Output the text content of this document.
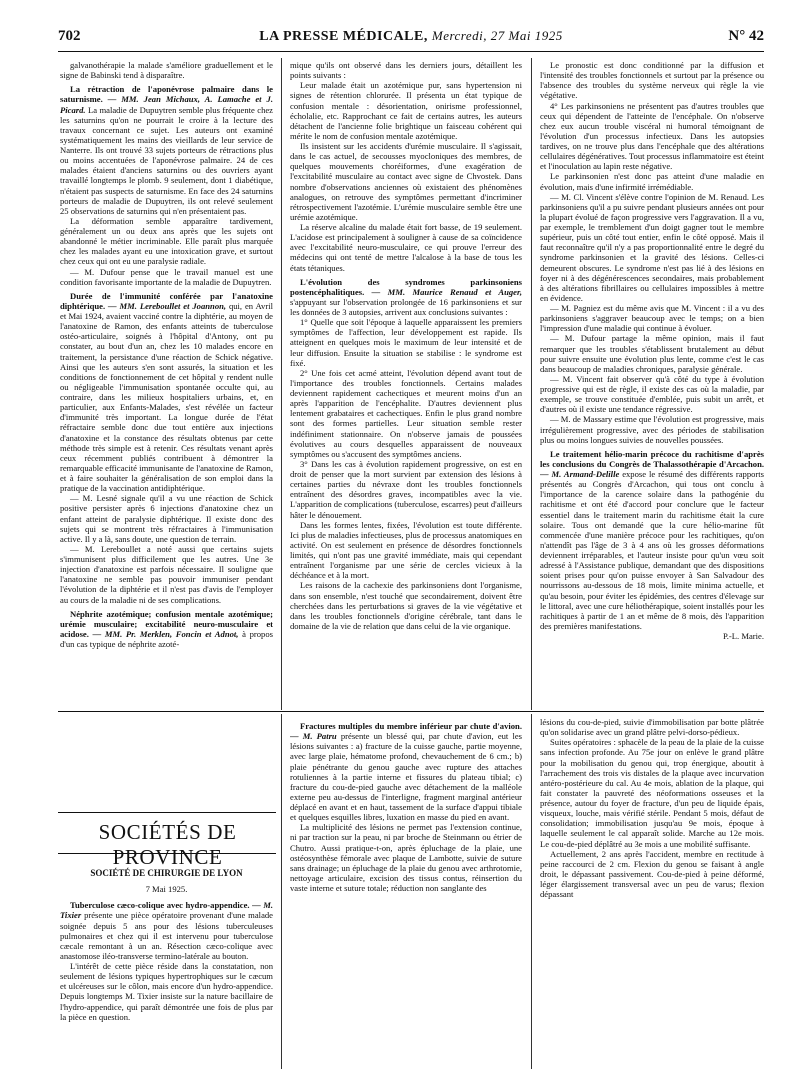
702	LA PRESSE MÉDICALE, Mercredi, 27 Mai 1925	N° 42

galvanothérapie la malade s'améliore graduellement et le signe de Babinski tend à disparaître.

La rétraction de l'aponévrose palmaire dans le saturnisme. — MM. Jean Michaux, A. Lamache et J. Picard. La maladie de Dupuytren semble plus fréquente chez les saturnins qu'on ne pourrait le croire à la lecture des travaux concernant ce sujet. Les auteurs ont examiné systématiquement les mains des vieillards de leur service de Nanterre. Ils ont trouvé 33 sujets porteurs de rétractions plus ou moins accentuées de l'aponévrose palmaire. 24 de ces malades étaient d'anciens saturnins ou des ouvriers ayant travaillé longtemps le plomb. 9 seulement, dont 1 diabétique, n'étaient pas suspects de saturnisme. En face des 24 saturnins porteurs de maladie de Dupuytren, ils ont relevé seulement 25 observations de saturnins qui n'en présentaient pas.

La déformation semble apparaître tardivement, généralement un ou deux ans après que les sujets ont abandonné le métier incriminable. Elle paraît plus marquée chez les malades ayant eu une intoxication grave, et surtout chez ceux qui ont eu une paralysie radiale.

— M. Dufour pense que le travail manuel est une condition favorisante importante de la maladie de Dupuytren.

Durée de l'immunité conférée par l'anatoxine diphtérique. — MM. Lereboullet et Joannon, qui, en Avril et Mai 1924, avaient vacciné contre la diphtérie, au moyen de l'anatoxine de Ramon, des enfants atteints de tuberculose ostéo-articulaire, soignés à l'hôpital d'Antony, ont pu constater, au bout d'un an, chez les 10 malades encore en traitement, la persistance d'une réaction de Schick négative. Ainsi que les auteurs s'en sont assurés, la situation et les conditions de fonctionnement de cet hôpital y rendent nulle ou négligeable l'immunisation spontanée occulte qui, au contraire, dans les milieux hospitaliers urbains, et, en particulier, aux Enfants-Malades, s'est révélée un facteur d'immunité très important. La longue durée de l'état réfractaire semble donc due tout entière aux injections d'anatoxine et la constance des résultats obtenus par cette méthode très simple est à retenir. Ces résultats venant après ceux récemment publiés contribuent à démontrer la remarquable efficacité immunisante de l'anatoxine de Ramon, et à faire souhaiter la généralisation de son emploi dans la pratique de la vaccination antidiphtérique.

— M. Lesné signale qu'il a vu une réaction de Schick positive persister après 6 injections d'anatoxine chez un enfant atteint de paralysie diphtérique. Il existe donc des sujets qui se montrent très réfractaires à l'immunisation active. Il y a là, sans doute, une question de terrain.

— M. Lereboullet a noté aussi que certains sujets s'immunisent plus difficilement que les autres. Une 3e injection d'anatoxine est parfois nécessaire. Il souligne que l'anatoxine ne semble pas pouvoir immuniser pendant l'évolution de la diphtérie et il n'est pas d'avis de l'employer au cours de la maladie ni de ses complications.

Néphrite azotémique; confusion mentale azotémique; urémie musculaire; excitabilité neuro-musculaire et acidose. — MM. Pr. Merklen, Foncin et Adnot, à propos d'un cas typique de néphrite azoté-

mique qu'ils ont observé dans les derniers jours, détaillent les points suivants :

Leur malade était un azotémique pur, sans hypertension ni signes de rétention chlorurée. Il présenta un état typique de confusion mentale : désorientation, onirisme professionnel, écholalie, etc. Rapprochant ce fait de certains autres, les auteurs détachent de l'ancienne folie brightique un faisceau cohérent qui mérite le nom de confusion mentale azotémique.

Ils insistent sur les accidents d'urémie musculaire. Il s'agissait, dans le cas actuel, de secousses myocloniques des membres, de quelques mouvements choréiformes, d'une exagération de l'excitabilité musculaire au contact avec signe de Chvostek. Dans nombre d'observations anciennes où existaient des phénomènes analogues, on retrouve des symptômes permettant d'incriminer rétrospectivement l'azotémie. L'urémie musculaire semble être une urémie azotémique.

La réserve alcaline du malade était fort basse, de 19 seulement. L'acidose est principalement à souligner à cause de sa coïncidence avec l'excitabilité neuro-musculaire, ce qui prouve l'erreur des médecins qui ont tenté de mettre l'alcalose à la base de tous les états tétaniques.

L'évolution des syndromes parkinsoniens postencéphalitiques. — MM. Maurice Renaud et Auger, s'appuyant sur l'observation prolongée de 16 parkinsoniens et sur les données de 3 autopsies, arrivent aux conclusions suivantes :

1° Quelle que soit l'époque à laquelle apparaissent les premiers symptômes de l'affection, leur développement est rapide. Ils atteignent en quelques mois le maximum de leur intensité et de leur diffusion. Ensuite la situation se stabilise : le syndrome est fixé.

2° Une fois cet acmé atteint, l'évolution dépend avant tout de l'importance des troubles fonctionnels. Certains malades deviennent rapidement cachectiques et meurent moins d'un an après l'apparition de l'encéphalite. D'autres deviennent plus lentement grabataires et cachectiques. Enfin le plus grand nombre sont des formes partielles. Leur situation semble rester indéfiniment stationnaire. On n'observe jamais de poussées évolutives au cours desquelles apparaissent de nouveaux symptômes ou s'accusent des symptômes anciens.

3° Dans les cas à évolution rapidement progressive, on est en droit de penser que la mort survient par extension des lésions à certaines parties du névraxe dont les troubles fonctionnels entraînent des désordres graves, incompatibles avec la vie. L'apparition de complications (tuberculose, escarres) peut d'ailleurs hâter le dénouement.

Dans les formes lentes, fixées, l'évolution est toute différente. Ici plus de maladies infectieuses, plus de processus anatomiques en activité. On est seulement en présence de désordres fonctionnels limités, qui n'ont pas une gravité immédiate, mais qui cependant entraînent l'organisme par une série de cercles vicieux à la déchéance et à la mort.

Les raisons de la cachexie des parkinsoniens dont l'organisme, dans son ensemble, n'est touché que secondairement, doivent être cherchées dans les perturbations si graves de la vie végétative et dans les troubles fonctionnels d'origine cérébrale, tant dans le domaine de la vie de relation que dans celui de la vie organique.

Le pronostic est donc conditionné par la diffusion et l'intensité des troubles fonctionnels et surtout par la présence ou l'absence des troubles du système nerveux qui règle la vie végétative.

4° Les parkinsoniens ne présentent pas d'autres troubles que ceux qui dépendent de l'atteinte de l'encéphale. On n'observe chez eux aucun trouble viscéral ni humoral témoignant de l'évolution d'un processus infectieux. Dans les autopsies tardives, on ne trouve plus dans l'encéphale que des altérations cellulaires dégénératives. Tout processus inflammatoire est éteint et l'inoculation au lapin reste négative.

Le parkinsonien n'est donc pas atteint d'une maladie en évolution, mais d'une infirmité irrémédiable.

— M. Cl. Vincent s'élève contre l'opinion de M. Renaud. Les parkinsoniens qu'il a pu suivre pendant plusieurs années ont pour la plupart évolué de façon progressive vers l'aggravation. Il a vu, par exemple, le tremblement d'un doigt gagner tout le membre supérieur, puis un côté tout entier, enfin le côté opposé. Mais il faut reconnaître qu'il n'y a pas proportionnalité entre le degré du syndrome parkinsonien et la gravité des lésions. Celles-ci demeurent obscures. Le syndrome n'est pas lié à des lésions en foyer ni à des dégénérescences secondaires, mais probablement à des altérations fibrillaires ou cellulaires impossibles à mettre en évidence.

— M. Pagniez est du même avis que M. Vincent : il a vu des parkinsoniens s'aggraver beaucoup avec le temps; on a bien l'impression d'une maladie qui continue à évoluer.

— M. Dufour partage la même opinion, mais il faut remarquer que les troubles s'établissent brutalement au début pour suivre ensuite une évolution plus lente, comme c'est le cas dans beaucoup de maladies chroniques, paralysie générale.

— M. Vincent fait observer qu'à côté du type à évolution progressive qui est de règle, il existe des cas où la maladie, par exemple, se trouve constituée d'emblée, puis subit un arrêt, et d'autres où il existe une tendance régressive.

— M. de Massary estime que l'évolution est progressive, mais irrégulièrement progressive, avec des périodes de stabilisation plus ou moins longues suivies de nouvelles poussées.

Le traitement hélio-marin précoce du rachitisme d'après les conclusions du Congrès de Thalassothérapie d'Arcachon. — M. Armand-Delille expose le résumé des différents rapports présentés au Congrès d'Arcachon, qui tous ont conclu à l'importance de la carence solaire dans la pathogénie du rachitisme et ont été d'accord pour conclure que le facteur essentiel dans le traitement marin du rachitisme était la cure solaire. Tous ont demandé que la cure hélio-marine fût commencée d'une manière précoce pour les rachitiques, qu'on n'attendît pas l'âge de 3 à 4 ans où les grosses déformations deviennent irréparables, et l'auteur insiste pour qu'un vœu soit adressé à l'Assistance publique, demandant que des dispositions soient prises pour qu'on puisse envoyer à San Salvadour des nourrissons au-dessous de 18 mois, limite minima actuelle, et qu'au besoin, pour éviter les épidémies, des centres d'élevage sur le littoral, avec une cure héliothérapique, soient installés pour les rachitiques à partir de 1 an et même de 8 mois, dès l'apparition des premières manifestations.

P.-L. Marie.

SOCIÉTÉS DE PROVINCE

SOCIÉTÉ DE CHIRURGIE DE LYON

7 Mai 1925.

Tuberculose cæco-colique avec hydro-appendice. — M. Tixier présente une pièce opératoire provenant d'une malade soignée depuis 5 ans pour des lésions tuberculeuses pulmonaires et chez qui il est intervenu pour tuberculose cæcale remontant à un an. Résection cæco-colique avec anastomose iléo-transverse termino-latérale au bouton.

L'intérêt de cette pièce réside dans la constatation, non seulement de lésions typiques hypertrophiques sur le cæcum et ulcéreuses sur le côlon, mais encore d'un hydro-appendice. Depuis longtemps M. Tixier insiste sur la nature bacillaire de l'hydro-appendice, qui paraît démontrée une fois de plus par la pièce en question.

Fractures multiples du membre inférieur par chute d'avion. — M. Patru présente un blessé qui, par chute d'avion, eut les lésions suivantes : a) fracture de la cuisse gauche, partie moyenne, avec large plaie, hématome profond, chevauchement de 6 cm.; b) plaie pénétrante du genou gauche avec rupture des attaches rotuliennes à la partie interne et fissures du plateau tibial; c) fracture du cou-de-pied gauche avec détachement de la malléole externe peu au-dessus de l'interligne, fragment marginal antérieur déplacé en avant et en haut, tassement de la surface d'appui tibiale et quelques esquilles libres, luxation en masse du pied en avant.

La multiplicité des lésions ne permet pas l'extension continue, ni par traction sur la peau, ni par broche de Steinmann ou étrier de Chutro. Aussi pratique-t-on, après épluchage de la plaie, une ostéosynthèse fémorale avec plaque de Lambotte, suivie de suture sans drainage; un épluchage de la plaie du genou avec arthrotomie, nettoyage articulaire, excision des tissus contus, réinsertion du vaste interne et suture totale; réduction non sanglante des

lésions du cou-de-pied, suivie d'immobilisation par botte plâtrée qu'on solidarise avec un grand plâtre pelvi-dorso-pédieux.

Suites opératoires : sphacèle de la peau de la plaie de la cuisse sans infection profonde. Au 75e jour on enlève le grand plâtre pour la mobilisation du genou qui, trop énergique, aboutit à l'arrachement des trois vis distales de la plaque avec incurvation antéro-postérieure du cal. Au 4e mois, ablation de la plaque, qui fait constater la pauvreté des néoformations osseuses et la présence, autour du foyer de fracture, d'un peu de liquide épais, visqueux, louche, mais vérifié stérile. Pendant 5 mois, défaut de consolidation; immobilisation jusqu'au 9e mois, époque à laquelle seulement le cal apparaît solide. Marche au 12e mois. Le cou-de-pied déplâtré au 3e mois a une mobilité suffisante.

Actuellement, 2 ans après l'accident, membre en rectitude à peine raccourci de 2 cm. Flexion du genou se faisant à angle droit, le dépassant passivement. Cou-de-pied à peine déformé, léger élargissement transversal avec un peu de varus; flexion dépassant
